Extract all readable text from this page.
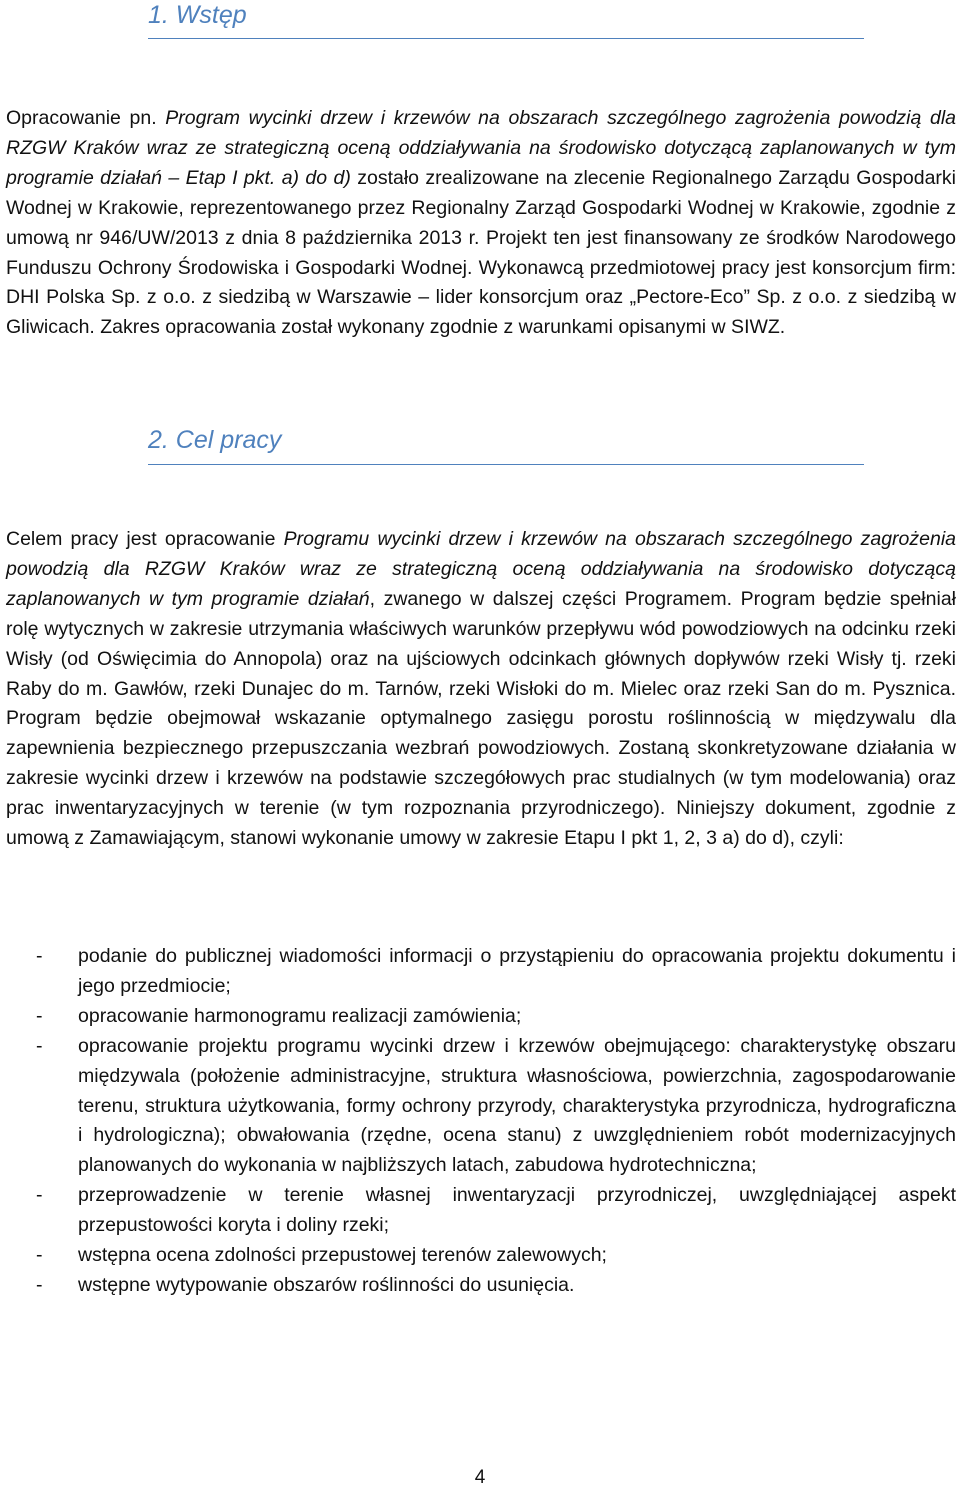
1. Wstęp

Opracowanie pn. Program wycinki drzew i krzewów na obszarach szczególnego zagrożenia powodzią dla RZGW Kraków wraz ze strategiczną oceną oddziaływania na środowisko dotyczącą zaplanowanych w tym programie działań – Etap I pkt. a) do d) zostało zrealizowane na zlecenie Regionalnego Zarządu Gospodarki Wodnej w Krakowie, reprezentowanego przez Regionalny Zarząd Gospodarki Wodnej w Krakowie, zgodnie z umową nr 946/UW/2013 z dnia 8 października 2013 r. Projekt ten jest finansowany ze środków Narodowego Funduszu Ochrony Środowiska i Gospodarki Wodnej. Wykonawcą przedmiotowej pracy jest konsorcjum firm: DHI Polska Sp. z o.o. z siedzibą w Warszawie – lider konsorcjum oraz „Pectore-Eco” Sp. z o.o. z siedzibą w Gliwicach. Zakres opracowania został wykonany zgodnie z warunkami opisanymi w SIWZ.

2. Cel pracy

Celem pracy jest opracowanie Programu wycinki drzew i krzewów na obszarach szczególnego zagrożenia powodzią dla RZGW Kraków wraz ze strategiczną oceną oddziaływania na środowisko dotyczącą zaplanowanych w tym programie działań, zwanego w dalszej części Programem. Program będzie spełniał rolę wytycznych w zakresie utrzymania właściwych warunków przepływu wód powodziowych na odcinku rzeki Wisły (od Oświęcimia do Annopola) oraz na ujściowych odcinkach głównych dopływów rzeki Wisły tj. rzeki Raby do m. Gawłów, rzeki Dunajec do m. Tarnów, rzeki Wisłoki do m. Mielec oraz rzeki San do m. Pysznica. Program będzie obejmował wskazanie optymalnego zasięgu porostu roślinnością w międzywalu dla zapewnienia bezpiecznego przepuszczania wezbrań powodziowych. Zostaną skonkretyzowane działania w zakresie wycinki drzew i krzewów na podstawie szczegółowych prac studialnych (w tym modelowania) oraz prac inwentaryzacyjnych w terenie (w tym rozpoznania przyrodniczego). Niniejszy dokument, zgodnie z umową z Zamawiającym, stanowi wykonanie umowy w zakresie Etapu I pkt 1, 2, 3 a) do d), czyli:

- podanie do publicznej wiadomości informacji o przystąpieniu do opracowania projektu dokumentu i jego przedmiocie;
- opracowanie harmonogramu realizacji zamówienia;
- opracowanie projektu programu wycinki drzew i krzewów obejmującego: charakterystykę obszaru międzywala (położenie administracyjne, struktura własnościowa, powierzchnia, zagospodarowanie terenu, struktura użytkowania, formy ochrony przyrody, charakterystyka przyrodnicza, hydrograficzna i hydrologiczna); obwałowania (rzędne, ocena stanu) z uwzględnieniem robót modernizacyjnych planowanych do wykonania w najbliższych latach, zabudowa hydrotechniczna;
- przeprowadzenie w terenie własnej inwentaryzacji przyrodniczej, uwzględniającej aspekt przepustowości koryta i doliny rzeki;
- wstępna ocena zdolności przepustowej terenów zalewowych;
- wstępne wytypowanie obszarów roślinności do usunięcia.
4
